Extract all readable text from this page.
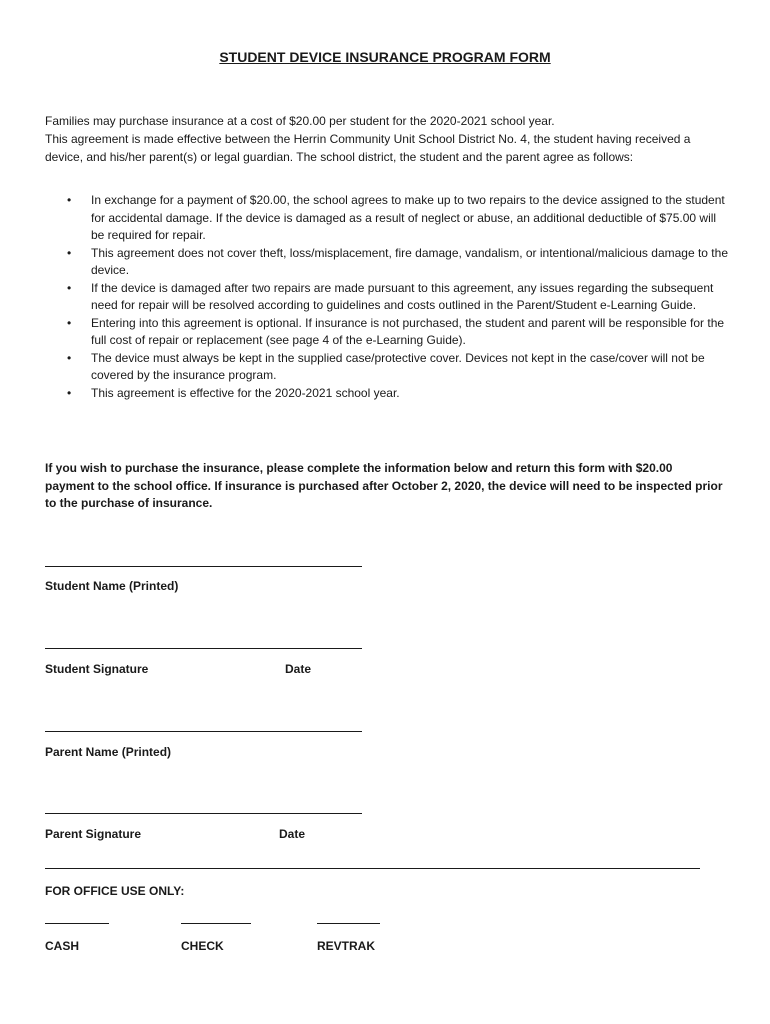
STUDENT DEVICE INSURANCE PROGRAM FORM

Families may purchase insurance at a cost of $20.00 per student for the 2020-2021 school year.

This agreement is made effective between the Herrin Community Unit School District No. 4, the student having received a device, and his/her parent(s) or legal guardian. The school district, the student and the parent agree as follows:

• In exchange for a payment of $20.00, the school agrees to make up to two repairs to the device assigned to the student for accidental damage. If the device is damaged as a result of neglect or abuse, an additional deductible of $75.00 will be required for repair.
• This agreement does not cover theft, loss/misplacement, fire damage, vandalism, or intentional/malicious damage to the device.
• If the device is damaged after two repairs are made pursuant to this agreement, any issues regarding the subsequent need for repair will be resolved according to guidelines and costs outlined in the Parent/Student e-Learning Guide.
• Entering into this agreement is optional. If insurance is not purchased, the student and parent will be responsible for the full cost of repair or replacement (see page 4 of the e-Learning Guide).
• The device must always be kept in the supplied case/protective cover. Devices not kept in the case/cover will not be covered by the insurance program.
• This agreement is effective for the 2020-2021 school year.
If you wish to purchase the insurance, please complete the information below and return this form with $20.00 payment to the school office. If insurance is purchased after October 2, 2020, the device will need to be inspected prior to the purchase of insurance.
Student Name (Printed)
Student Signature	Date
Parent Name (Printed)
Parent Signature	Date
FOR OFFICE USE ONLY:
CASH	CHECK	REVTRAK
